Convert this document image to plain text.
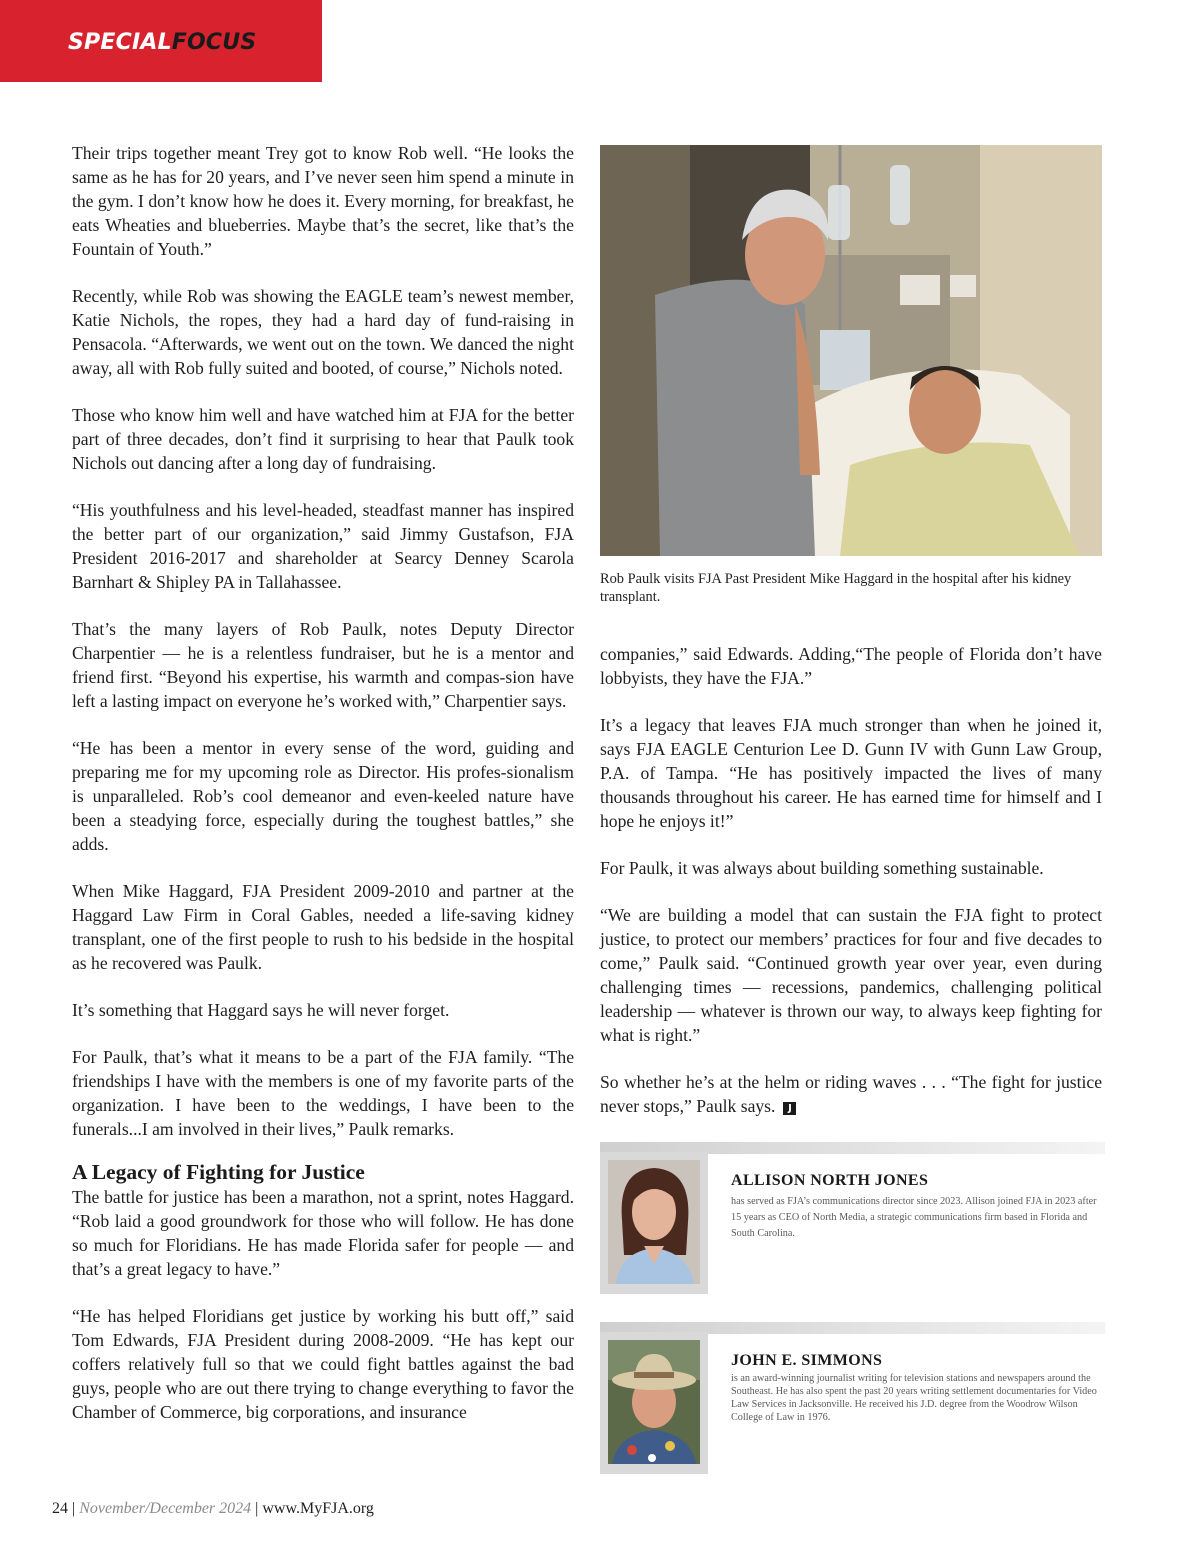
SPECIALFOCUS

Their trips together meant Trey got to know Rob well. “He looks the same as he has for 20 years, and I’ve never seen him spend a minute in the gym. I don’t know how he does it. Every morning, for breakfast, he eats Wheaties and blueberries. Maybe that’s the secret, like that’s the Fountain of Youth.”

Recently, while Rob was showing the EAGLE team’s newest member, Katie Nichols, the ropes, they had a hard day of fund-raising in Pensacola. “Afterwards, we went out on the town. We danced the night away, all with Rob fully suited and booted, of course,” Nichols noted.

Those who know him well and have watched him at FJA for the better part of three decades, don’t find it surprising to hear that Paulk took Nichols out dancing after a long day of fundraising.

“His youthfulness and his level-headed, steadfast manner has inspired the better part of our organization,” said Jimmy Gustafson, FJA President 2016-2017 and shareholder at Searcy Denney Scarola Barnhart & Shipley PA in Tallahassee.

That’s the many layers of Rob Paulk, notes Deputy Director Charpentier — he is a relentless fundraiser, but he is a mentor and friend first. “Beyond his expertise, his warmth and compas-sion have left a lasting impact on everyone he’s worked with,” Charpentier says.

“He has been a mentor in every sense of the word, guiding and preparing me for my upcoming role as Director. His profes-sionalism is unparalleled. Rob’s cool demeanor and even-keeled nature have been a steadying force, especially during the toughest battles,” she adds.

When Mike Haggard, FJA President 2009-2010 and partner at the Haggard Law Firm in Coral Gables, needed a life-saving kidney transplant, one of the first people to rush to his bedside in the hospital as he recovered was Paulk.

It’s something that Haggard says he will never forget.

For Paulk, that’s what it means to be a part of the FJA family. “The friendships I have with the members is one of my favorite parts of the organization. I have been to the weddings, I have been to the funerals...I am involved in their lives,” Paulk remarks.

A Legacy of Fighting for Justice

The battle for justice has been a marathon, not a sprint, notes Haggard. “Rob laid a good groundwork for those who will follow. He has done so much for Floridians. He has made Florida safer for people — and that’s a great legacy to have.”

“He has helped Floridians get justice by working his butt off,” said Tom Edwards, FJA President during 2008-2009. “He has kept our coffers relatively full so that we could fight battles against the bad guys, people who are out there trying to change everything to favor the Chamber of Commerce, big corporations, and insurance

Rob Paulk visits FJA Past President Mike Haggard in the hospital after his kidney transplant.

companies,” said Edwards. Adding,“The people of Florida don’t have lobbyists, they have the FJA.”

It’s a legacy that leaves FJA much stronger than when he joined it, says FJA EAGLE Centurion Lee D. Gunn IV with Gunn Law Group, P.A. of Tampa. “He has positively impacted the lives of many thousands throughout his career. He has earned time for himself and I hope he enjoys it!”

For Paulk, it was always about building something sustainable.

“We are building a model that can sustain the FJA fight to protect justice, to protect our members’ practices for four and five decades to come,” Paulk said. “Continued growth year over year, even during challenging times — recessions, pandemics, challenging political leadership — whatever is thrown our way, to always keep fighting for what is right.”

So whether he’s at the helm or riding waves . . . “The fight for justice never stops,” Paulk says. J

ALLISON NORTH JONES
has served as FJA’s communications director since 2023. Allison joined FJA in 2023 after 15 years as CEO of North Media, a strategic communications firm based in Florida and South Carolina.
JOHN E. SIMMONS
is an award-winning journalist writing for television stations and newspapers around the Southeast. He has also spent the past 20 years writing settlement documentaries for Video Law Services in Jacksonville. He received his J.D. degree from the Woodrow Wilson College of Law in 1976.
24 | November/December 2024 | www.MyFJA.org
